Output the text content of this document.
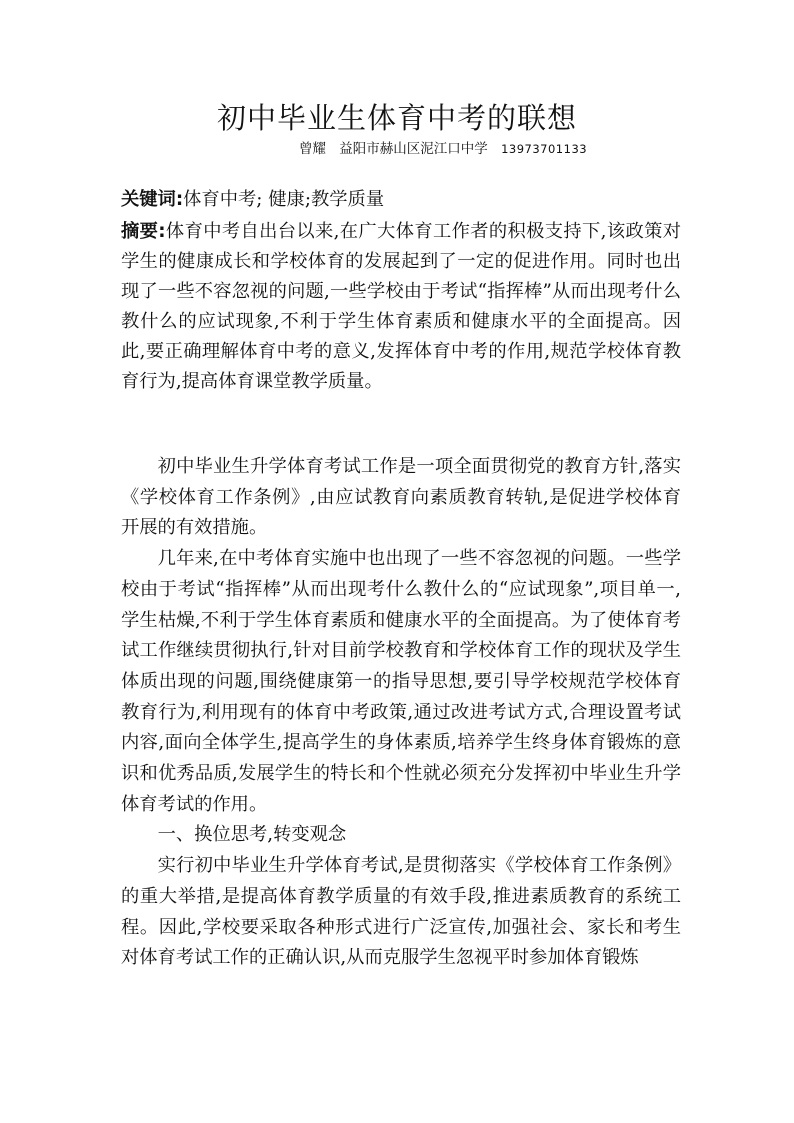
初中毕业生体育中考的联想
曾耀 益阳市赫山区泥江口中学 13973701133

关键词:体育中考; 健康;教学质量

摘要:体育中考自出台以来,在广大体育工作者的积极支持下,该政策对学生的健康成长和学校体育的发展起到了一定的促进作用。同时也出现了一些不容忽视的问题,一些学校由于考试“指挥棒”从而出现考什么教什么的应试现象,不利于学生体育素质和健康水平的全面提高。因此,要正确理解体育中考的意义,发挥体育中考的作用,规范学校体育教育行为,提高体育课堂教学质量。

初中毕业生升学体育考试工作是一项全面贯彻党的教育方针,落实《学校体育工作条例》,由应试教育向素质教育转轨,是促进学校体育开展的有效措施。

几年来,在中考体育实施中也出现了一些不容忽视的问题。一些学校由于考试“指挥棒”从而出现考什么教什么的“应试现象”,项目单一,学生枯燥,不利于学生体育素质和健康水平的全面提高。为了使体育考试工作继续贯彻执行,针对目前学校教育和学校体育工作的现状及学生体质出现的问题,围绕健康第一的指导思想,要引导学校规范学校体育教育行为,利用现有的体育中考政策,通过改进考试方式,合理设置考试内容,面向全体学生,提高学生的身体素质,培养学生终身体育锻炼的意识和优秀品质,发展学生的特长和个性就必须充分发挥初中毕业生升学体育考试的作用。

一、换位思考,转变观念

实行初中毕业生升学体育考试,是贯彻落实《学校体育工作条例》的重大举措,是提高体育教学质量的有效手段,推进素质教育的系统工程。因此,学校要采取各种形式进行广泛宣传,加强社会、家长和考生对体育考试工作的正确认识,从而克服学生忽视平时参加体育锻炼
